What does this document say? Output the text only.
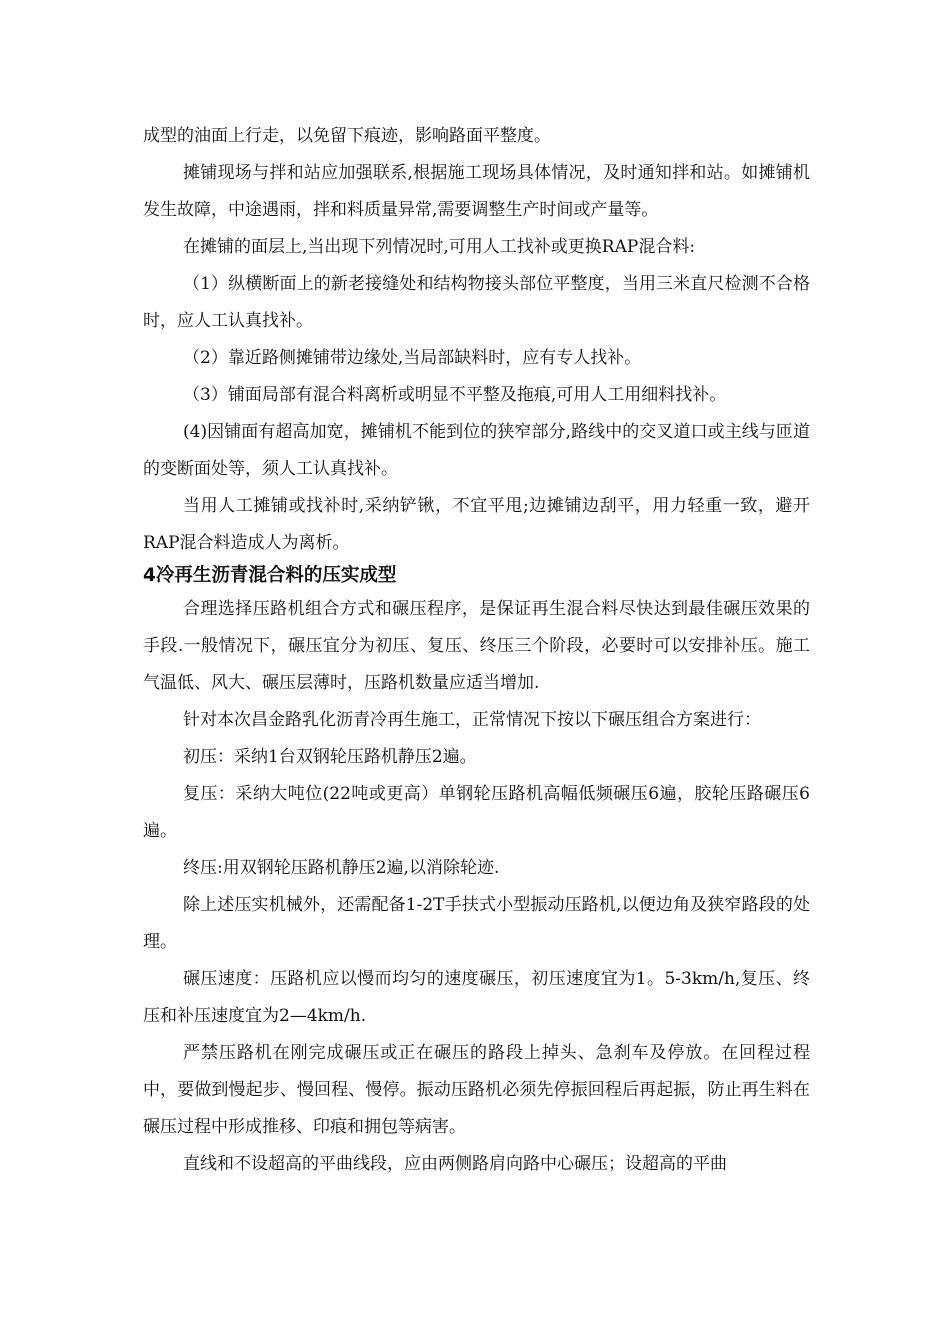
成型的油面上行走，以免留下痕迹，影响路面平整度。

摊铺现场与拌和站应加强联系,根据施工现场具体情况，及时通知拌和站。如摊铺机发生故障，中途遇雨，拌和料质量异常,需要调整生产时间或产量等。

在摊铺的面层上,当出现下列情况时,可用人工找补或更换RAP混合料:

（1）纵横断面上的新老接缝处和结构物接头部位平整度，当用三米直尺检测不合格时，应人工认真找补。

（2）靠近路侧摊铺带边缘处,当局部缺料时，应有专人找补。

（3）铺面局部有混合料离析或明显不平整及拖痕,可用人工用细料找补。

(4)因铺面有超高加宽，摊铺机不能到位的狭窄部分,路线中的交叉道口或主线与匝道的变断面处等，须人工认真找补。

当用人工摊铺或找补时,采纳铲锹，不宜平甩;边摊铺边刮平，用力轻重一致，避开RAP混合料造成人为离析。

4冷再生沥青混合料的压实成型

合理选择压路机组合方式和碾压程序，是保证再生混合料尽快达到最佳碾压效果的手段.一般情况下，碾压宜分为初压、复压、终压三个阶段，必要时可以安排补压。施工气温低、风大、碾压层薄时，压路机数量应适当增加.

针对本次昌金路乳化沥青冷再生施工，正常情况下按以下碾压组合方案进行：

初压：采纳1台双钢轮压路机静压2遍。

复压：采纳大吨位(22吨或更高）单钢轮压路机高幅低频碾压6遍，胶轮压路碾压6遍。

终压:用双钢轮压路机静压2遍,以消除轮迹.

除上述压实机械外，还需配备1-2T手扶式小型振动压路机,以便边角及狭窄路段的处理。

碾压速度：压路机应以慢而均匀的速度碾压，初压速度宜为1。5-3km/h,复压、终压和补压速度宜为2—4km/h.

严禁压路机在刚完成碾压或正在碾压的路段上掉头、急刹车及停放。在回程过程中，要做到慢起步、慢回程、慢停。振动压路机必须先停振回程后再起振，防止再生料在碾压过程中形成推移、印痕和拥包等病害。

直线和不设超高的平曲线段，应由两侧路肩向路中心碾压；设超高的平曲
